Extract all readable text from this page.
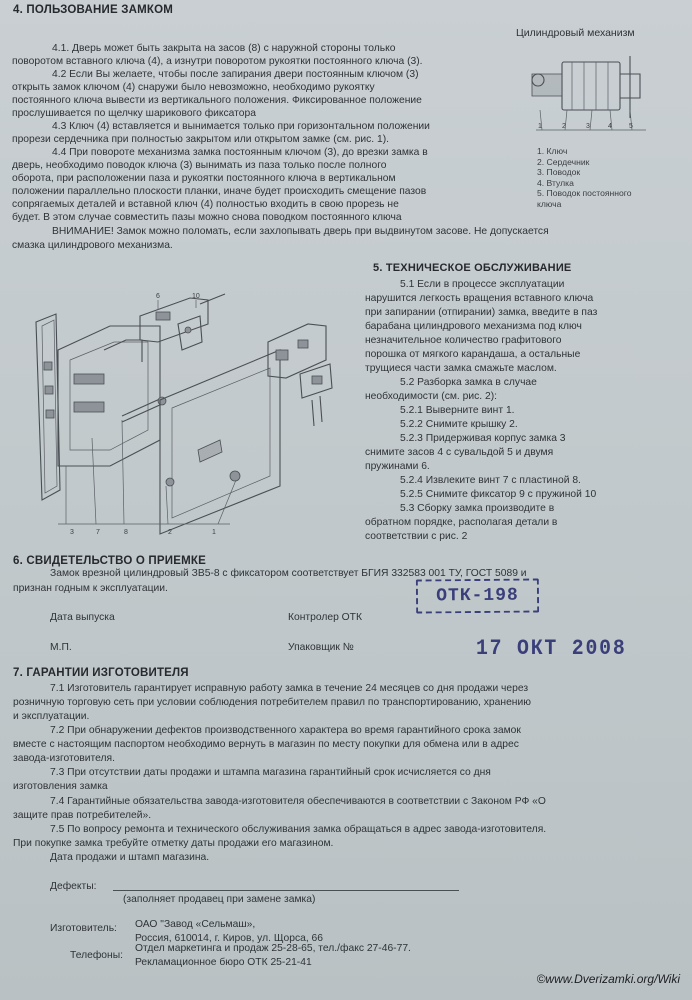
4. ПОЛЬЗОВАНИЕ ЗАМКОМ
4.1. Дверь может быть закрыта на засов (8) с наружной стороны только
поворотом вставного ключа (4), а изнутри поворотом рукоятки постоянного ключа (3).
4.2 Если Вы желаете, чтобы после запирания двери постоянным ключом (3)
открыть замок ключом (4) снаружи было невозможно, необходимо рукоятку
постоянного ключа вывести из вертикального положения. Фиксированное положение
прослушивается по щелчку шарикового фиксатора
4.3 Ключ (4) вставляется и вынимается только при горизонтальном положении
прорези сердечника при полностью закрытом или открытом замке (см. рис. 1).
4.4 При повороте механизма замка постоянным ключом (3), до врезки замка в
дверь, необходимо поводок ключа (3) вынимать из паза только после полного
оборота, при расположении паза и рукоятки постоянного ключа в вертикальном
положении параллельно плоскости планки, иначе будет происходить смещение пазов
сопрягаемых деталей и вставной ключ (4) полностью входить в свою прорезь не
будет. В этом случае совместить пазы можно снова поводком постоянного ключа
ВНИМАНИЕ! Замок можно поломать, если захлопывать дверь при выдвинутом засове. Не допускается
смазка цилиндрового механизма.
Цилиндровый механизм
1	2	3	4 5
1. Ключ
2. Сердечник
3. Поводок
4. Втулка
5. Поводок постоянного
ключа
6	10
3	7	8	2	1
5. ТЕХНИЧЕСКОЕ ОБСЛУЖИВАНИЕ
5.1 Если в процессе эксплуатации
нарушится легкость вращения вставного ключа
при запирании (отпирании) замка, введите в паз
барабана цилиндрового механизма под ключ
незначительное количество графитового
порошка от мягкого карандаша, а остальные
трущиеся части замка смажьте маслом.
5.2 Разборка замка в случае
необходимости (см. рис. 2):
5.2.1 Выверните винт 1.
5.2.2 Снимите крышку 2.
5.2.3 Придерживая корпус замка 3
снимите засов 4 с сувальдой 5 и двумя
пружинами 6.
5.2.4 Извлеките винт 7 с пластиной 8.
5.2.5 Снимите фиксатор 9 с пружиной 10
5.3 Сборку замка производите в
обратном порядке, располагая детали в
соответствии с рис. 2
6. СВИДЕТЕЛЬСТВО О ПРИЕМКЕ
Замок врезной цилиндровый ЗВ5-8 с фиксатором соответствует БГИЯ 332583 001 ТУ, ГОСТ 5089 и
признан годным к эксплуатации.
Дата выпуска	Контролер ОТК
ОТК-198
М.П.	Упаковщик №	17 ОКТ 2008
7. ГАРАНТИИ ИЗГОТОВИТЕЛЯ
7.1 Изготовитель гарантирует исправную работу замка в течение 24 месяцев со дня продажи через
розничную торговую сеть при условии соблюдения потребителем правил по транспортированию, хранению
и эксплуатации.
7.2 При обнаружении дефектов производственного характера во время гарантийного срока замок
вместе с настоящим паспортом необходимо вернуть в магазин по месту покупки для обмена или в адрес
завода-изготовителя.
7.3 При отсутствии даты продажи и штампа магазина гарантийный срок исчисляется со дня
изготовления замка
7.4 Гарантийные обязательства завода-изготовителя обеспечиваются в соответствии с Законом РФ «О
защите прав потребителей».
7.5 По вопросу ремонта и технического обслуживания замка обращаться в адрес завода-изготовителя.
При покупке замка требуйте отметку даты продажи его магазином.
Дата продажи и штамп магазина.
Дефекты:
(заполняет продавец при замене замка)
Изготовитель: ОАО "Завод «Сельмаш»,
Россия, 610014, г. Киров, ул. Щорса, 66
Телефоны:
Отдел маркетинга и продаж 25-28-65, тел./факс 27-46-77.
Рекламационное бюро ОТК 25-21-41
©www.Dverizamki.org/Wiki
